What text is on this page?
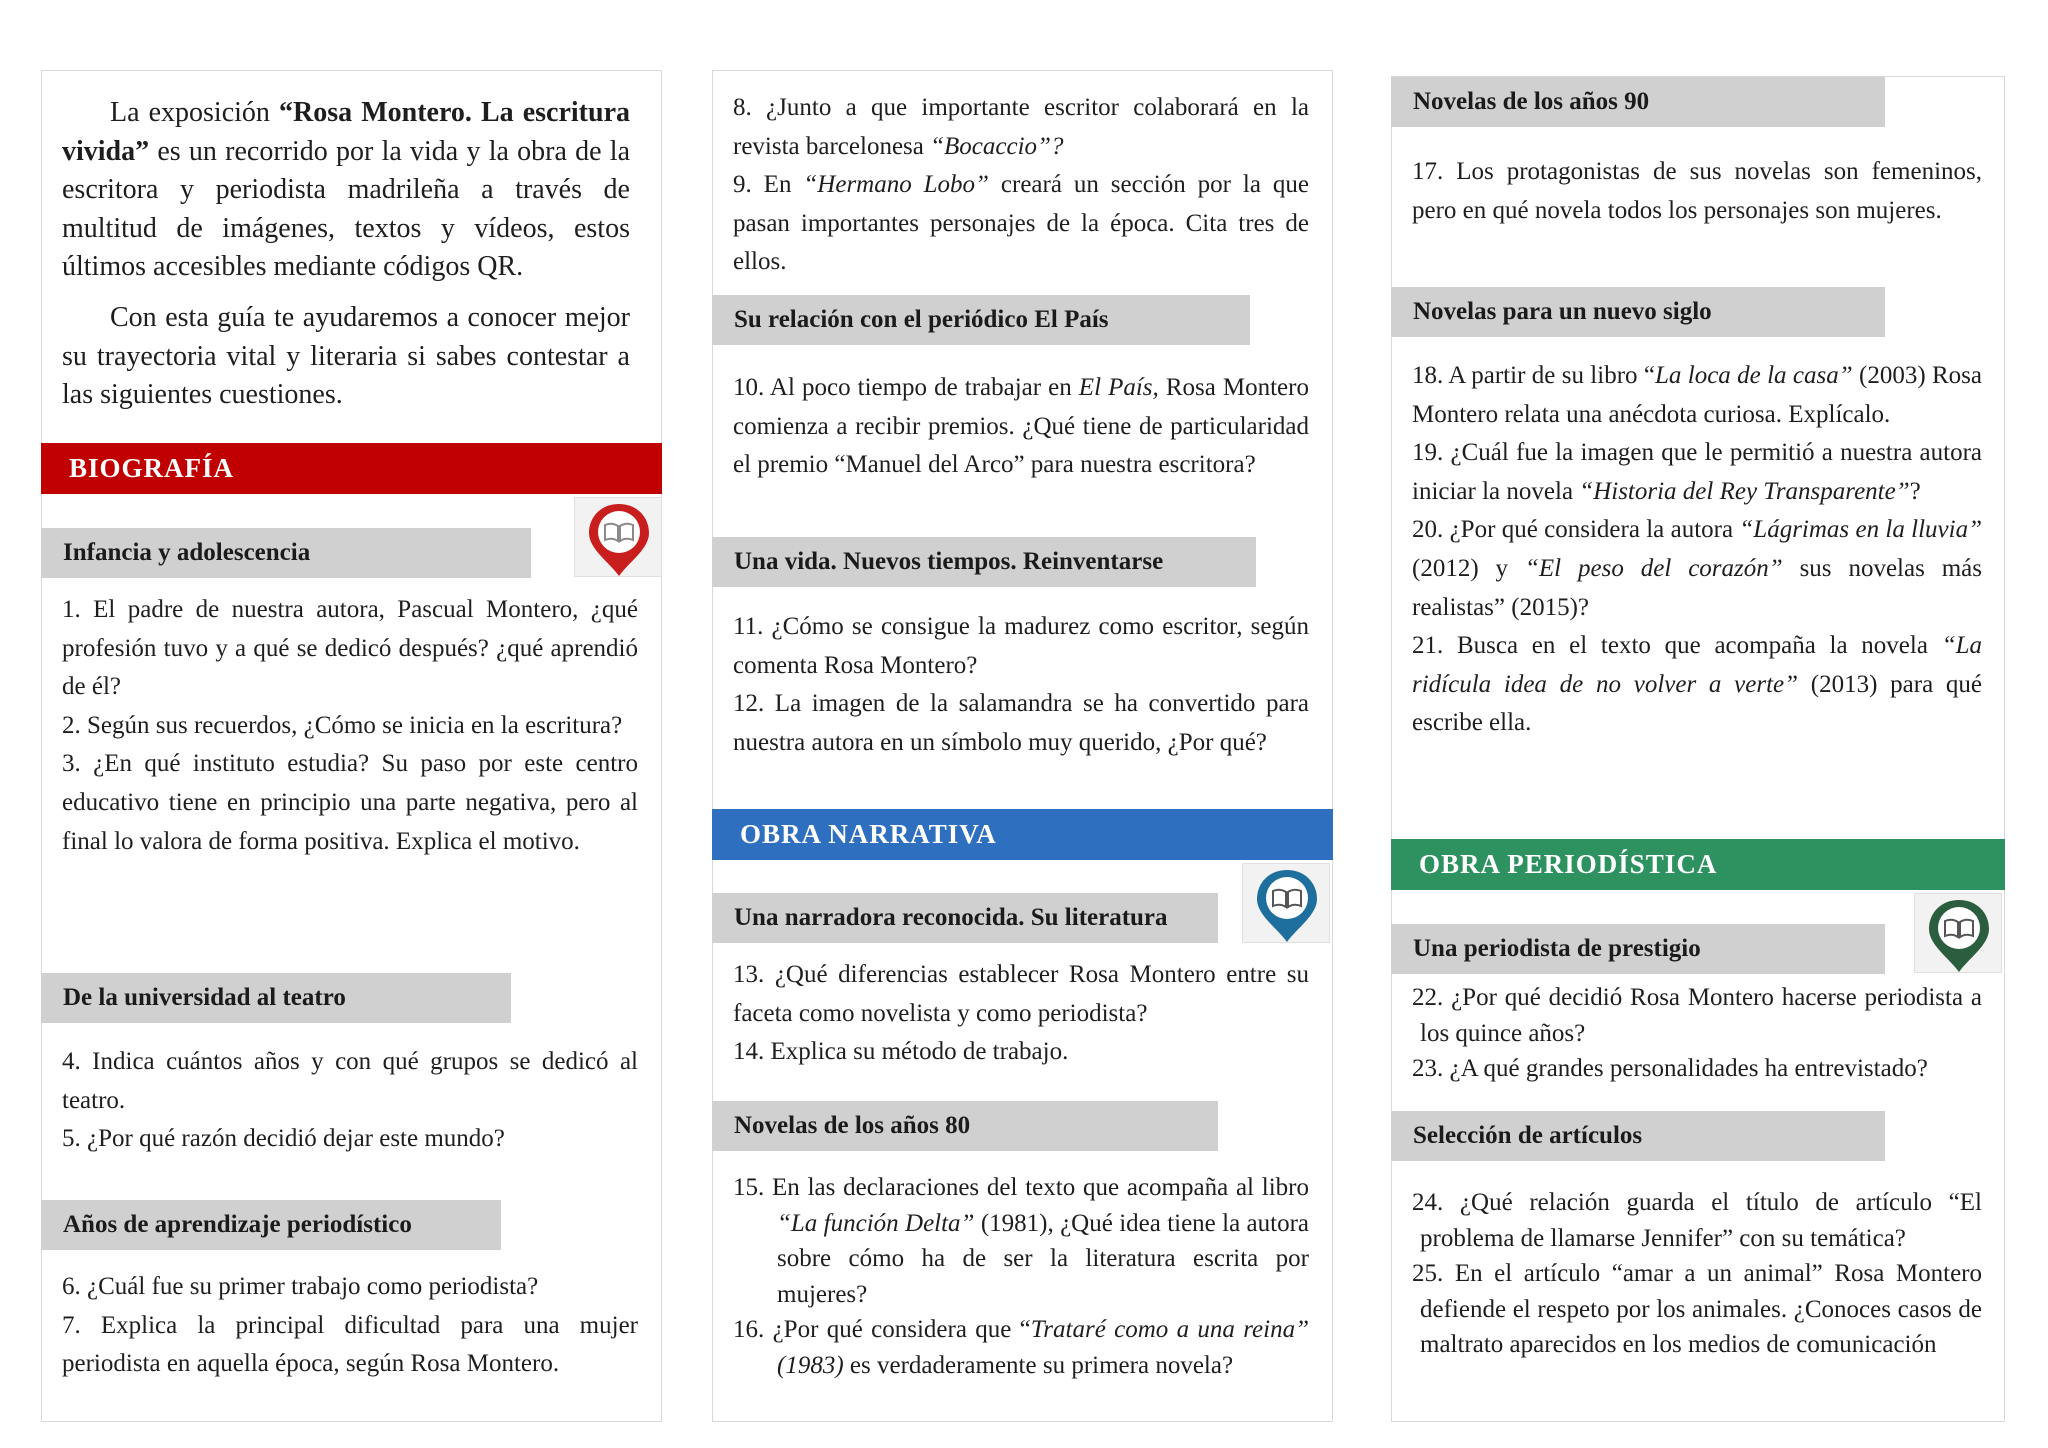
La exposición “Rosa Montero. La escritura vivida” es un recorrido por la vida y la obra de la escritora y periodista madrileña a través de multitud de imágenes, textos y vídeos, estos últimos accesibles mediante códigos QR.

Con esta guía te ayudaremos a conocer mejor su trayectoria vital y literaria si sabes contestar a las siguientes cuestiones.

BIOGRAFÍA
Infancia y adolescencia

1. El padre de nuestra autora, Pascual Montero, ¿qué profesión tuvo y a qué se dedicó después? ¿qué aprendió de él?

2. Según sus recuerdos, ¿Cómo se inicia en la escritura?

3. ¿En qué instituto estudia? Su paso por este centro educativo tiene en principio una parte negativa, pero al final lo valora de forma positiva. Explica el motivo.

De la universidad al teatro

4. Indica cuántos años y con qué grupos se dedicó al teatro.

5. ¿Por qué razón decidió dejar este mundo?

Años de aprendizaje periodístico

6. ¿Cuál fue su primer trabajo como periodista?

7. Explica la principal dificultad para una mujer periodista en aquella época, según Rosa Montero.

8. ¿Junto a que importante escritor colaborará en la revista barcelonesa “Bocaccio”?

9. En “Hermano Lobo” creará un sección por la que pasan importantes personajes de la época. Cita tres de ellos.

Su relación con el periódico El País

10. Al poco tiempo de trabajar en El País, Rosa Montero comienza a recibir premios. ¿Qué tiene de particularidad el premio “Manuel del Arco” para nuestra escritora?

Una vida. Nuevos tiempos. Reinventarse

11. ¿Cómo se consigue la madurez como escritor, según comenta Rosa Montero?

12. La imagen de la salamandra se ha convertido para nuestra autora en un símbolo muy querido, ¿Por qué?

OBRA NARRATIVA
Una narradora reconocida. Su literatura

13. ¿Qué diferencias establecer Rosa Montero entre su faceta como novelista y como periodista?

14. Explica su método de trabajo.

Novelas de los años 80

15. En las declaraciones del texto que acompaña al libro “La función Delta” (1981), ¿Qué idea tiene la autora sobre cómo ha de ser la literatura escrita por mujeres?

16. ¿Por qué considera que “Trataré como a una reina” (1983) es verdaderamente su primera novela?

Novelas de los años 90

17. Los protagonistas de sus novelas son femeninos, pero en qué novela todos los personajes son mujeres.

Novelas para un nuevo siglo

18. A partir de su libro “La loca de la casa” (2003) Rosa Montero relata una anécdota curiosa. Explícalo.

19. ¿Cuál fue la imagen que le permitió a nuestra autora iniciar la novela “Historia del Rey Transparente”?

20. ¿Por qué considera la autora “Lágrimas en la lluvia” (2012) y “El peso del corazón” sus novelas más realistas” (2015)?

21. Busca en el texto que acompaña la novela “La ridícula idea de no volver a verte” (2013) para qué escribe ella.

OBRA PERIODÍSTICA
Una periodista de prestigio

22. ¿Por qué decidió Rosa Montero hacerse periodista a los quince años?

23. ¿A qué grandes personalidades ha entrevistado?

Selección de artículos

24. ¿Qué relación guarda el título de artículo “El problema de llamarse Jennifer” con su temática?

25. En el artículo “amar a un animal” Rosa Montero defiende el respeto por los animales. ¿Conoces casos de maltrato aparecidos en los medios de comunicación
